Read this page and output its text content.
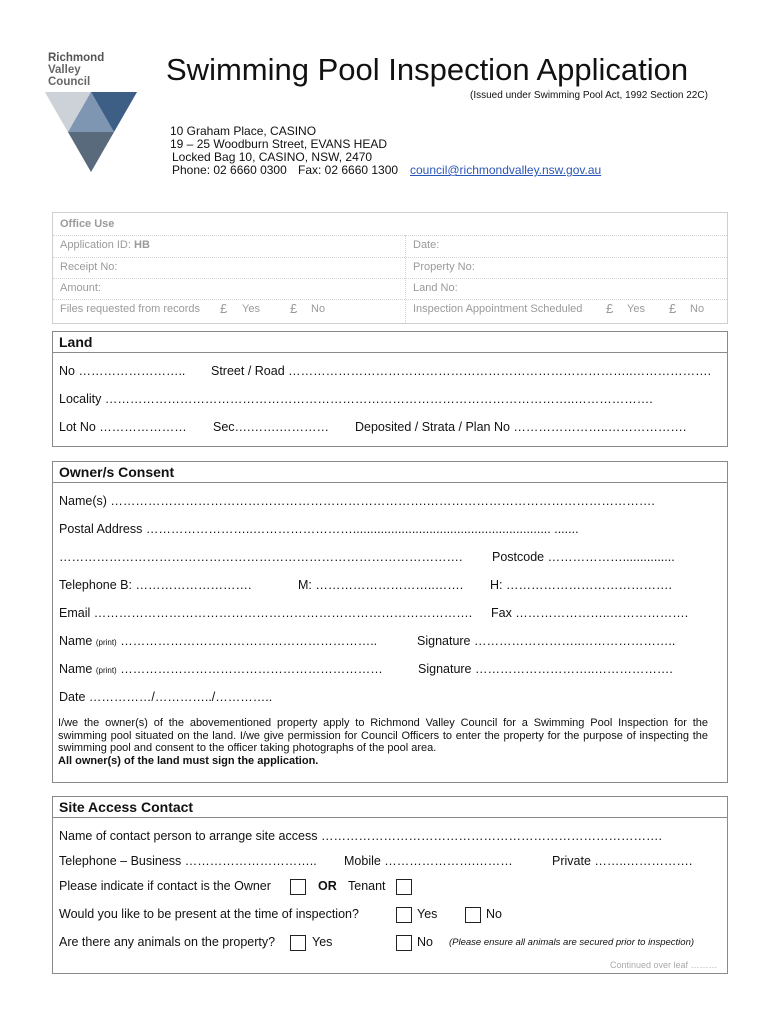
Richmond
Valley
Council	Swimming Pool Inspection Application
(Issued under Swimming Pool Act, 1992 Section 22C)
10 Graham Place, CASINO
19 – 25 Woodburn Street, EVANS HEAD
Locked Bag 10, CASINO, NSW, 2470
Phone: 02 6660 0300 Fax: 02 6660 1300 council@richmondvalley.nsw.gov.au
Office Use
Application ID: HB	Date:
Receipt No:	Property No:
Amount:	Land No:
Files requested from records £ Yes £ No	Inspection Appointment Scheduled £ Yes £ No
Land
No …………………….. Street / Road ………………………………………………………………………..……………….
Locality …………………………………………………………………………………………………..……………….
Lot No ………………… Sec….…….………… Deposited / Strata / Plan No …………………..……………….
Owner/s Consent
Name(s) ………………………………………………………………….……………………………………………….
Postal Address ……………………..……………………......................................................... .......
……………………………………………………………………………………. Postcode ………………...............
Telephone B: ……………………….	M: ………………………..……. H: ………………………………….
Email ………………………………………………………………………………. Fax …………………..……………….
Name (print) ……………………………………………………..	Signature ……………………..…………………..
Name (print) ………………………………………………………	Signature ………………………..……………….
Date ……………/…………../…………..
I/we the owner(s) of the abovementioned property apply to Richmond Valley Council for a Swimming Pool Inspection for the swimming pool situated on the land. I/we give permission for Council Officers to enter the property for the purpose of inspecting the swimming pool and consent to the officer taking photographs of the pool area.
All owner(s) of the land must sign the application.
Site Access Contact
Name of contact person to arrange site access ……………………………………………………………………….
Telephone – Business ………………………….. Mobile ………………….………	Private ……..…………….
Please indicate if contact is the Owner	OR Tenant
Would you like to be present at the time of inspection?	Yes	No
Are there any animals on the property?	Yes	No (Please ensure all animals are secured prior to inspection)
Continued over leaf ………
